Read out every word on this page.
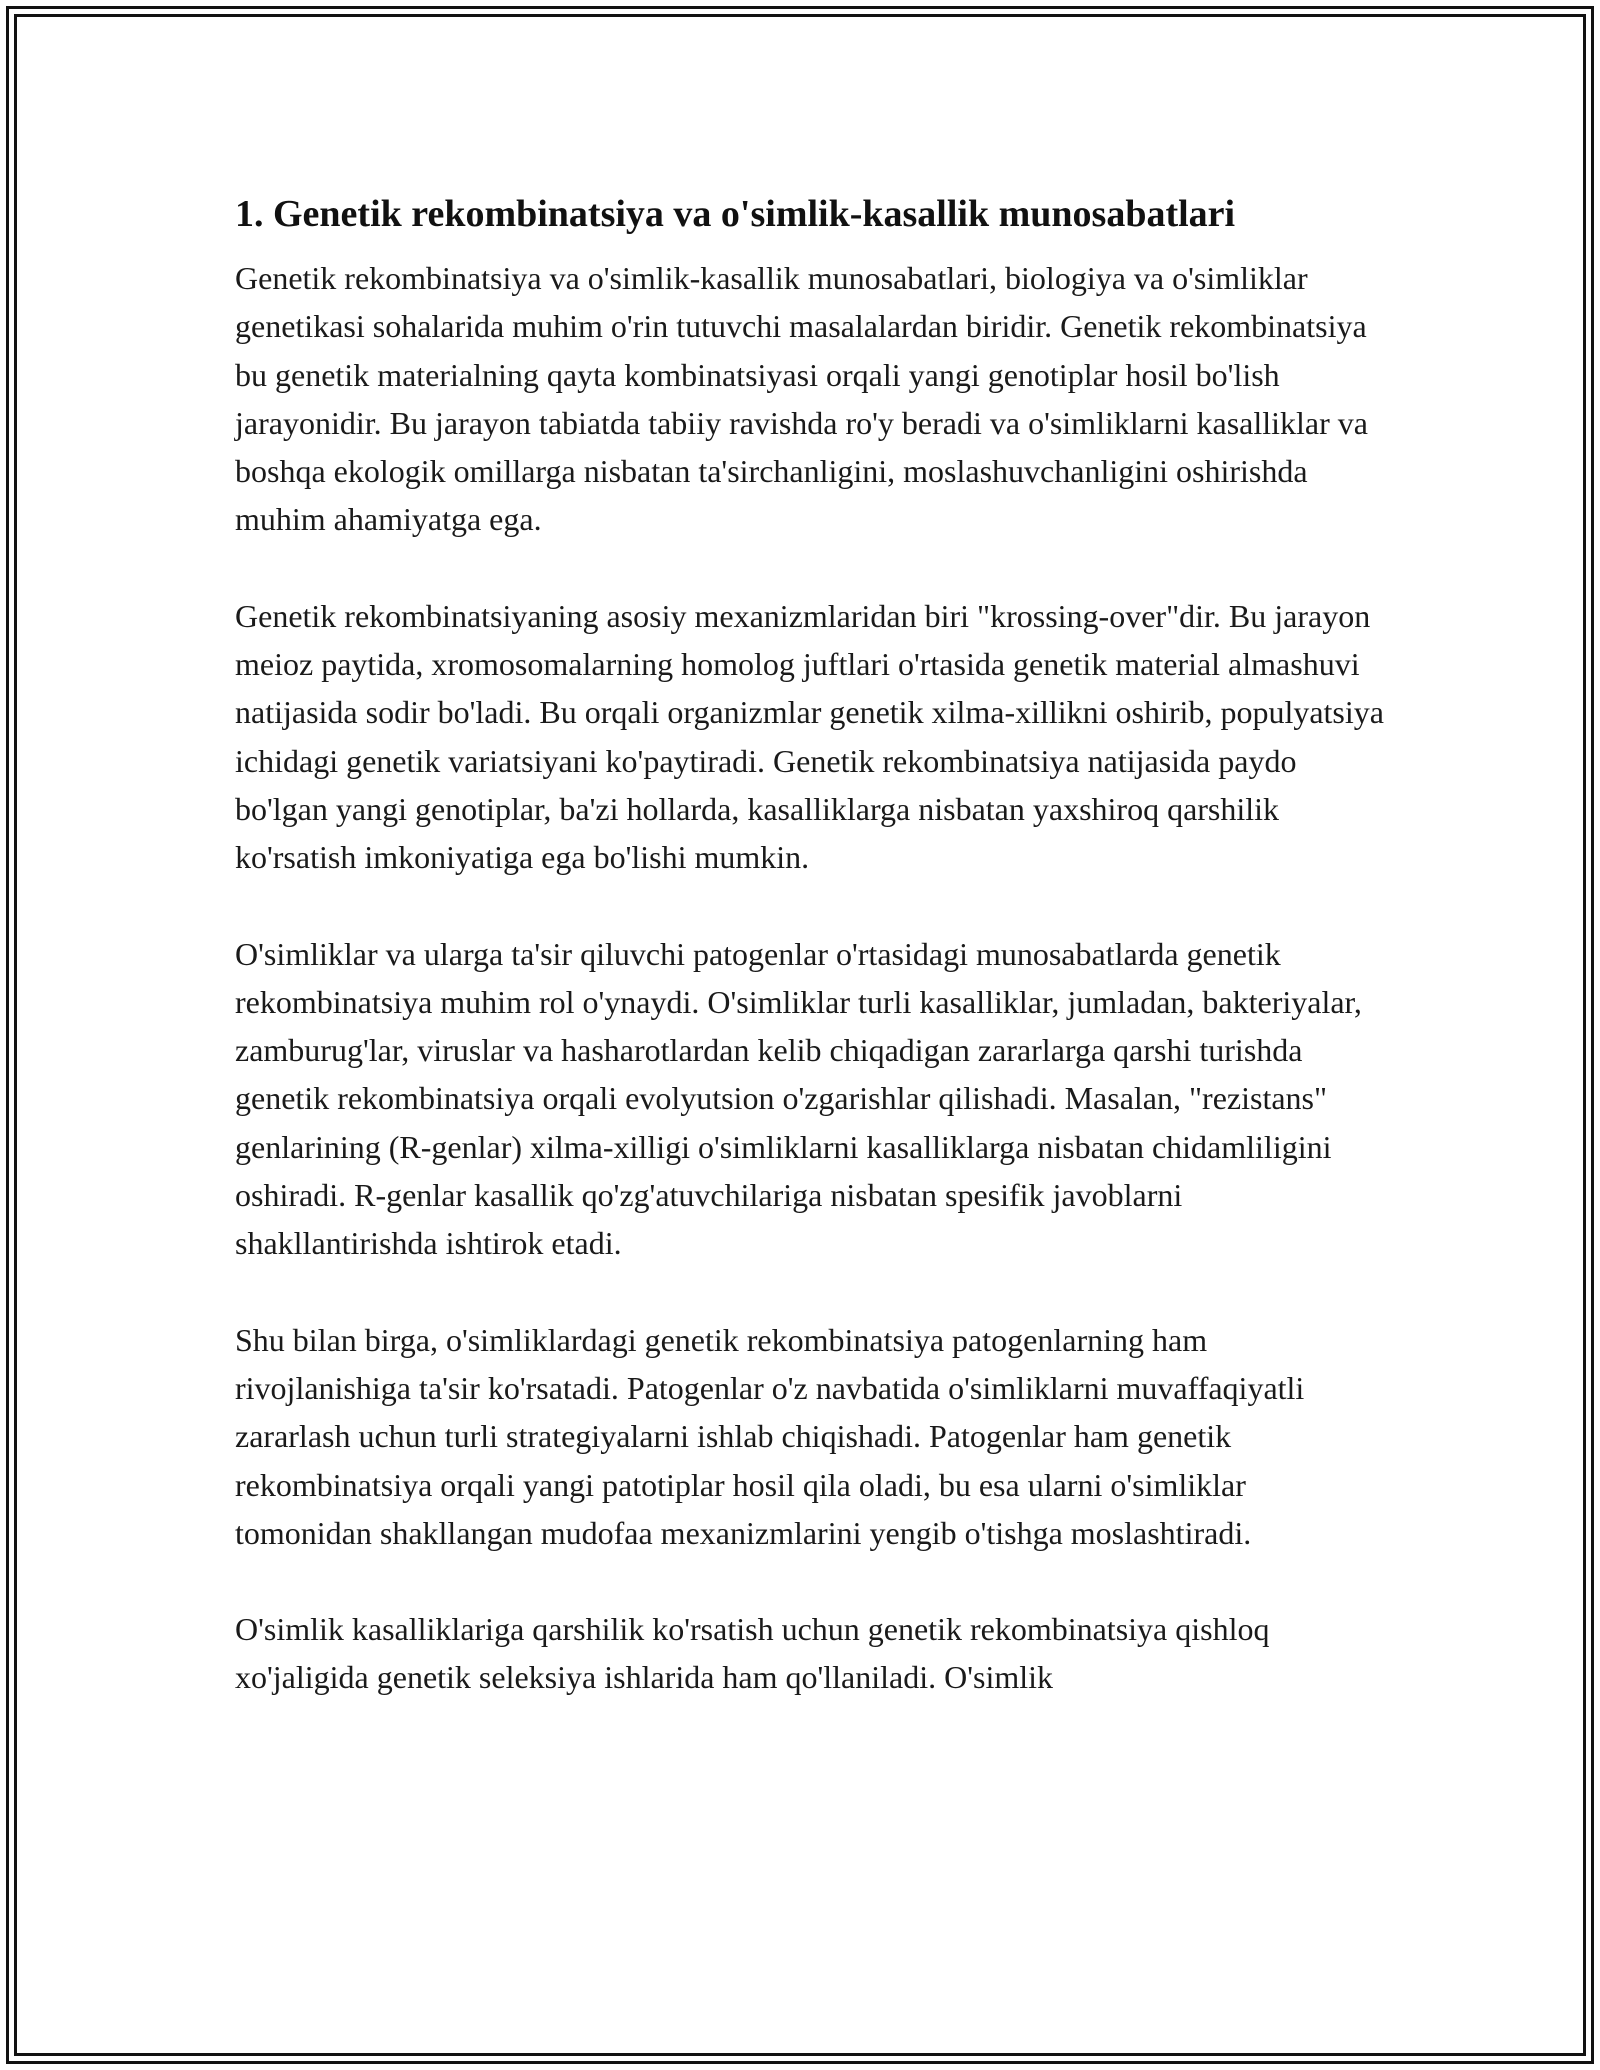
1. Genetik rekombinatsiya va o'simlik-kasallik munosabatlari

Genetik rekombinatsiya va o'simlik-kasallik munosabatlari, biologiya va o'simliklar genetikasi sohalarida muhim o'rin tutuvchi masalalardan biridir. Genetik rekombinatsiya bu genetik materialning qayta kombinatsiyasi orqali yangi genotiplar hosil bo'lish jarayonidir. Bu jarayon tabiatda tabiiy ravishda ro'y beradi va o'simliklarni kasalliklar va boshqa ekologik omillarga nisbatan ta'sirchanligini, moslashuvchanligini oshirishda muhim ahamiyatga ega.

Genetik rekombinatsiyaning asosiy mexanizmlaridan biri "krossing-over"dir. Bu jarayon meioz paytida, xromosomalarning homolog juftlari o'rtasida genetik material almashuvi natijasida sodir bo'ladi. Bu orqali organizmlar genetik xilma-xillikni oshirib, populyatsiya ichidagi genetik variatsiyani ko'paytiradi. Genetik rekombinatsiya natijasida paydo bo'lgan yangi genotiplar, ba'zi hollarda, kasalliklarga nisbatan yaxshiroq qarshilik ko'rsatish imkoniyatiga ega bo'lishi mumkin.

O'simliklar va ularga ta'sir qiluvchi patogenlar o'rtasidagi munosabatlarda genetik rekombinatsiya muhim rol o'ynaydi. O'simliklar turli kasalliklar, jumladan, bakteriyalar, zamburug'lar, viruslar va hasharotlardan kelib chiqadigan zararlarga qarshi turishda genetik rekombinatsiya orqali evolyutsion o'zgarishlar qilishadi. Masalan, "rezistans" genlarining (R-genlar) xilma-xilligi o'simliklarni kasalliklarga nisbatan chidamliligini oshiradi. R-genlar kasallik qo'zg'atuvchilariga nisbatan spesifik javoblarni shakllantirishda ishtirok etadi.

Shu bilan birga, o'simliklardagi genetik rekombinatsiya patogenlarning ham rivojlanishiga ta'sir ko'rsatadi. Patogenlar o'z navbatida o'simliklarni muvaffaqiyatli zararlash uchun turli strategiyalarni ishlab chiqishadi. Patogenlar ham genetik rekombinatsiya orqali yangi patotiplar hosil qila oladi, bu esa ularni o'simliklar tomonidan shakllangan mudofaa mexanizmlarini yengib o'tishga moslashtiradi.

O'simlik kasalliklariga qarshilik ko'rsatish uchun genetik rekombinatsiya qishloq xo'jaligida genetik seleksiya ishlarida ham qo'llaniladi. O'simlik
